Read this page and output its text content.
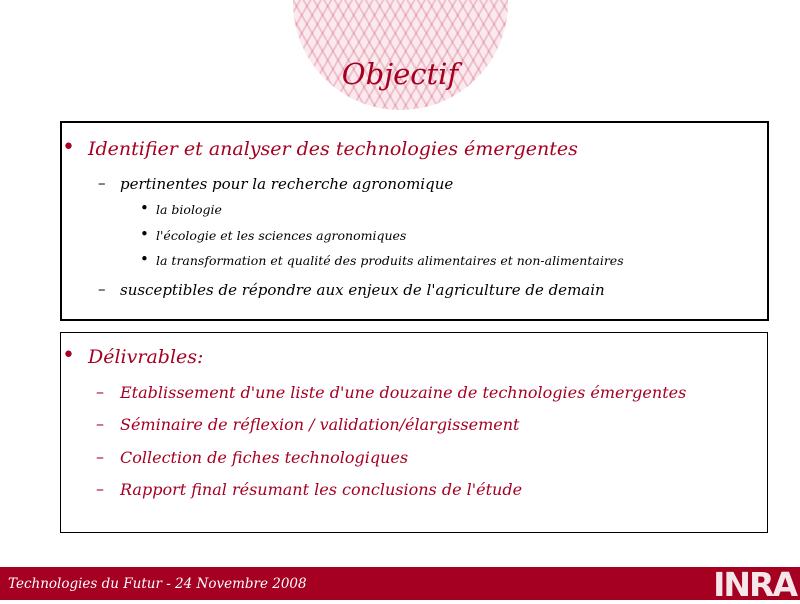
Objectif
• Identifier et analyser des technologies émergentes
– pertinentes pour la recherche agronomique
• la biologie
• l'écologie et les sciences agronomiques
• la transformation et qualité des produits alimentaires et non-alimentaires
– susceptibles de répondre aux enjeux de l'agriculture de demain
• Délivrables:
– Etablissement d'une liste d'une douzaine de technologies émergentes
– Séminaire de réflexion / validation/élargissement
– Collection de fiches technologiques
– Rapport final résumant les conclusions de l'étude
Technologies du Futur - 24 Novembre 2008	INRA
